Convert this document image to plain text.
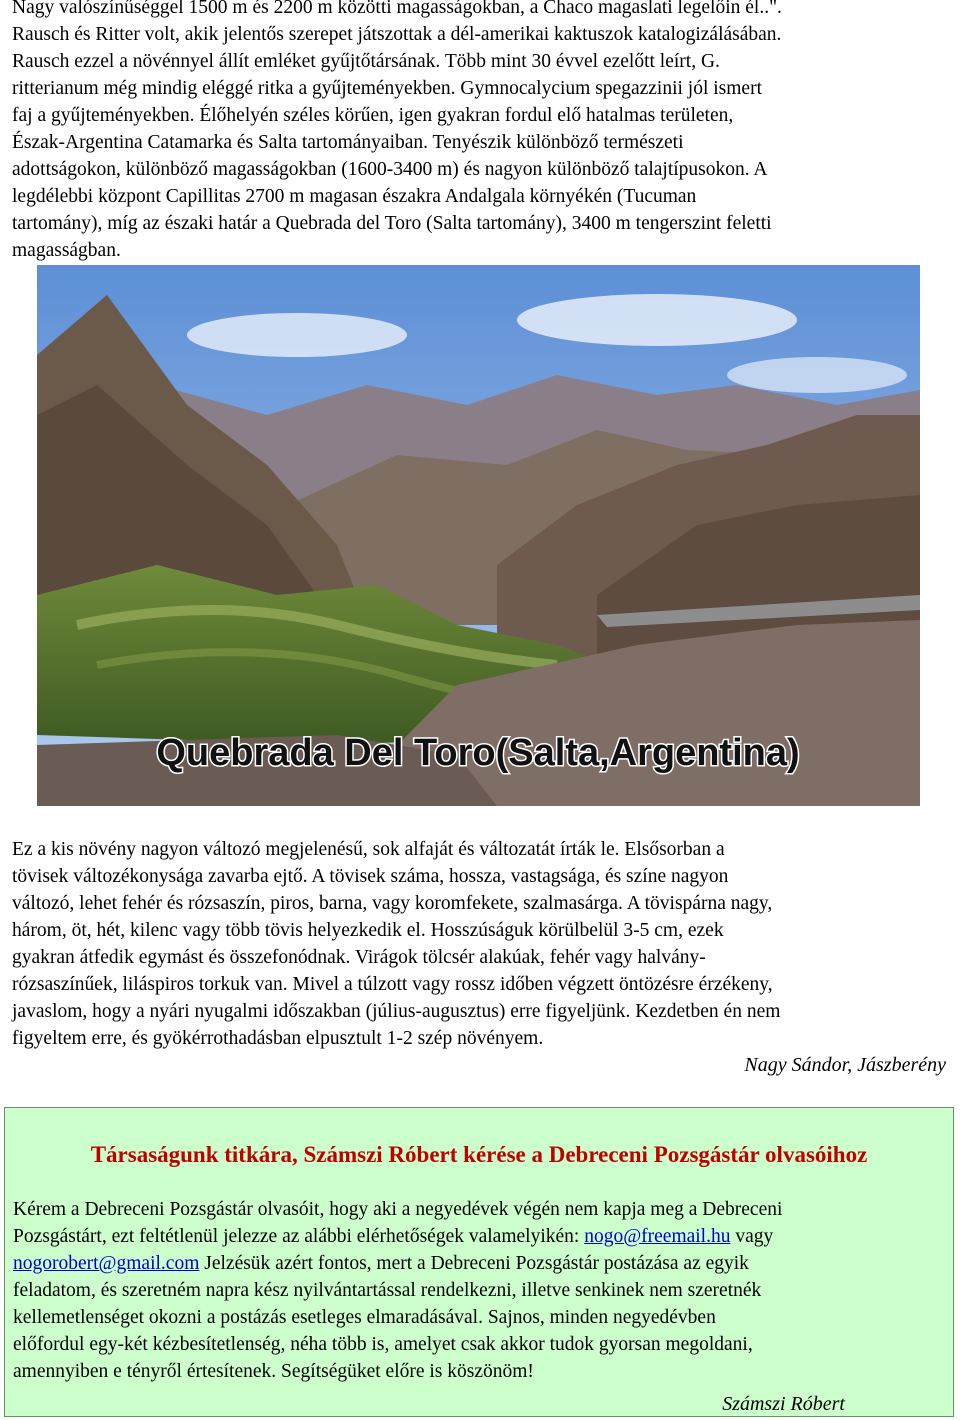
Nagy valószínűséggel 1500 m és 2200 m közötti magasságokban, a Chaco magaslati legelőin él..".
Rausch és Ritter volt, akik jelentős szerepet játszottak a dél-amerikai kaktuszok katalogizálásában.
Rausch ezzel a növénnyel állít emléket gyűjtőtársának. Több mint 30 évvel ezelőtt leírt, G.
ritterianum még mindig eléggé ritka a gyűjteményekben. Gymnocalycium spegazzinii jól ismert
faj a gyűjteményekben. Élőhelyén széles körűen, igen gyakran fordul elő hatalmas területen,
Észak-Argentina Catamarka és Salta tartományaiban. Tenyészik különböző természeti
adottságokon, különböző magasságokban (1600-3400 m) és nagyon különböző talajtípusokon. A
legdélebbi központ Capillitas 2700 m magasan északra Andalgala környékén (Tucuman
tartomány), míg az északi határ a Quebrada del Toro (Salta tartomány), 3400 m tengerszint feletti
magasságban.
Quebrada Del Toro(Salta,Argentina)
Ez a kis növény nagyon változó megjelenésű, sok alfaját és változatát írták le. Elsősorban a
tövisek változékonysága zavarba ejtő. A tövisek száma, hossza, vastagsága, és színe nagyon
változó, lehet fehér és rózsaszín, piros, barna, vagy koromfekete, szalmasárga. A tövispárna nagy,
három, öt, hét, kilenc vagy több tövis helyezkedik el. Hosszúságuk körülbelül 3-5 cm, ezek
gyakran átfedik egymást és összefonódnak. Virágok tölcsér alakúak, fehér vagy halvány-
rózsaszínűek, liláspiros torkuk van. Mivel a túlzott vagy rossz időben végzett öntözésre érzékeny,
javaslom, hogy a nyári nyugalmi időszakban (július-augusztus) erre figyeljünk. Kezdetben én nem
figyeltem erre, és gyökérrothadásban elpusztult 1-2 szép növényem.
Nagy Sándor, Jászberény
Társaságunk titkára, Számszi Róbert kérése a Debreceni Pozsgástár olvasóihoz
Kérem a Debreceni Pozsgástár olvasóit, hogy aki a negyedévek végén nem kapja meg a Debreceni
Pozsgástárt, ezt feltétlenül jelezze az alábbi elérhetőségek valamelyikén: nogo@freemail.hu vagy
nogorobert@gmail.com Jelzésük azért fontos, mert a Debreceni Pozsgástár postázása az egyik
feladatom, és szeretném napra kész nyilvántartással rendelkezni, illetve senkinek nem szeretnék
kellemetlenséget okozni a postázás esetleges elmaradásával. Sajnos, minden negyedévben
előfordul egy-két kézbesítetlenség, néha több is, amelyet csak akkor tudok gyorsan megoldani,
amennyiben e tényről értesítenek. Segítségüket előre is köszönöm!
Számszi Róbert
